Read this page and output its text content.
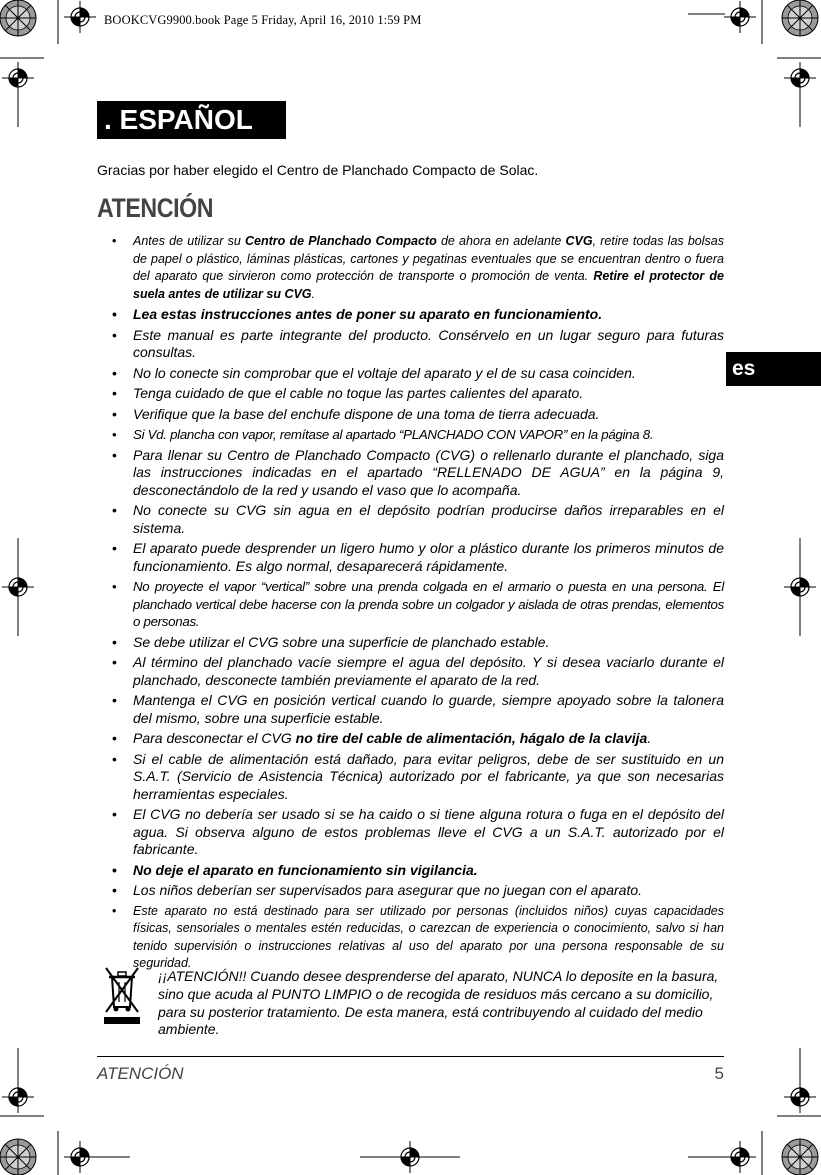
BOOKCVG9900.book Page 5 Friday, April 16, 2010 1:59 PM
. ESPAÑOL
Gracias por haber elegido el Centro de Planchado Compacto de Solac.
ATENCIÓN
es
• Antes de utilizar su Centro de Planchado Compacto de ahora en adelante CVG, retire todas las bolsas de papel o plástico, láminas plásticas, cartones y pegatinas eventuales que se encuentran dentro o fuera del aparato que sirvieron como protección de transporte o promoción de venta. Retire el protector de suela antes de utilizar su CVG.
• Lea estas instrucciones antes de poner su aparato en funcionamiento.
• Este manual es parte integrante del producto. Consérvelo en un lugar seguro para futuras consultas.
• No lo conecte sin comprobar que el voltaje del aparato y el de su casa coinciden.
• Tenga cuidado de que el cable no toque las partes calientes del aparato.
• Verifique que la base del enchufe dispone de una toma de tierra adecuada.
• Si Vd. plancha con vapor, remítase al apartado “PLANCHADO CON VAPOR” en la página 8.
• Para llenar su Centro de Planchado Compacto (CVG) o rellenarlo durante el planchado, siga las instrucciones indicadas en el apartado “RELLENADO DE AGUA” en la página 9, desconectándolo de la red y usando el vaso que lo acompaña.
• No conecte su CVG sin agua en el depósito podrían producirse daños irreparables en el sistema.
• El aparato puede desprender un ligero humo y olor a plástico durante los primeros minutos de funcionamiento. Es algo normal, desaparecerá rápidamente.
• No proyecte el vapor “vertical” sobre una prenda colgada en el armario o puesta en una persona. El planchado vertical debe hacerse con la prenda sobre un colgador y aislada de otras prendas, elementos o personas.
• Se debe utilizar el CVG sobre una superficie de planchado estable.
• Al término del planchado vacíe siempre el agua del depósito. Y si desea vaciarlo durante el planchado, desconecte también previamente el aparato de la red.
• Mantenga el CVG en posición vertical cuando lo guarde, siempre apoyado sobre la talonera del mismo, sobre una superficie estable.
• Para desconectar el CVG no tire del cable de alimentación, hágalo de la clavija.
• Si el cable de alimentación está dañado, para evitar peligros, debe de ser sustituido en un S.A.T. (Servicio de Asistencia Técnica) autorizado por el fabricante, ya que son necesarias herramientas especiales.
• El CVG no debería ser usado si se ha caido o si tiene alguna rotura o fuga en el depósito del agua. Si observa alguno de estos problemas lleve el CVG a un S.A.T. autorizado por el fabricante.
• No deje el aparato en funcionamiento sin vigilancia.
• Los niños deberían ser supervisados para asegurar que no juegan con el aparato.
• Este aparato no está destinado para ser utilizado por personas (incluidos niños) cuyas capacidades físicas, sensoriales o mentales estén reducidas, o carezcan de experiencia o conocimiento, salvo si han tenido supervisión o instrucciones relativas al uso del aparato por una persona responsable de su seguridad.
¡¡ATENCIÓN!! Cuando desee desprenderse del aparato, NUNCA lo deposite en la basura, sino que acuda al PUNTO LIMPIO o de recogida de residuos más cercano a su domicilio, para su posterior tratamiento. De esta manera, está contribuyendo al cuidado del medio ambiente.
ATENCIÓN	5
